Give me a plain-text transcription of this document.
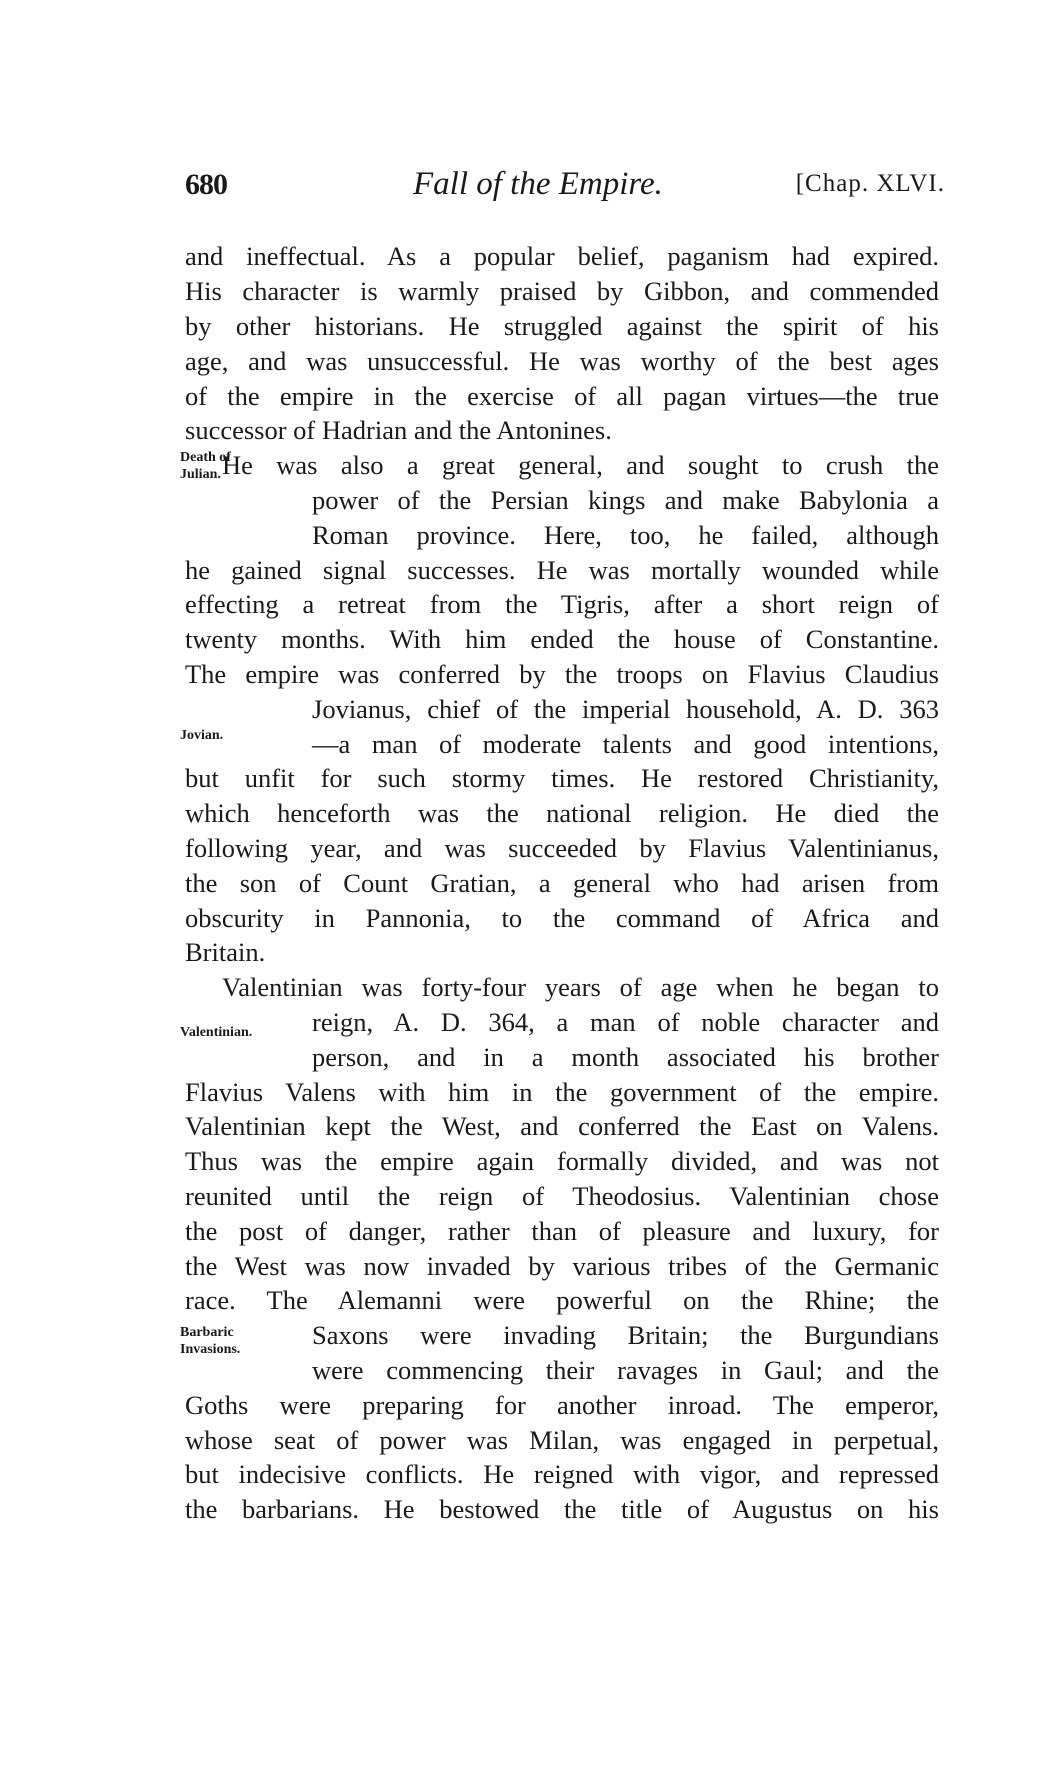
680	Fall of the Empire.	[Chap. XLVI.
Death of
Julian.
Jovian.
Valentinian.
Barbaric
Invasions.
and ineffectual. As a popular belief, paganism had expired.
His character is warmly praised by Gibbon, and commended
by other historians. He struggled against the spirit of his
age, and was unsuccessful. He was worthy of the best ages
of the empire in the exercise of all pagan virtues—the true
successor of Hadrian and the Antonines.
He was also a great general, and sought to crush the
power of the Persian kings and make Babylonia a
Roman province. Here, too, he failed, although
he gained signal successes. He was mortally wounded while
effecting a retreat from the Tigris, after a short reign of
twenty months. With him ended the house of Constantine.
The empire was conferred by the troops on Flavius Claudius
Jovianus, chief of the imperial household, A. D. 363
—a man of moderate talents and good intentions,
but unfit for such stormy times. He restored Christianity,
which henceforth was the national religion. He died the
following year, and was succeeded by Flavius Valentinianus,
the son of Count Gratian, a general who had arisen from
obscurity in Pannonia, to the command of Africa and
Britain.
Valentinian was forty-four years of age when he began to
reign, A. D. 364, a man of noble character and
person, and in a month associated his brother
Flavius Valens with him in the government of the empire.
Valentinian kept the West, and conferred the East on Valens.
Thus was the empire again formally divided, and was not
reunited until the reign of Theodosius. Valentinian chose
the post of danger, rather than of pleasure and luxury, for
the West was now invaded by various tribes of the Germanic
race. The Alemanni were powerful on the Rhine; the
Saxons were invading Britain; the Burgundians
were commencing their ravages in Gaul; and the
Goths were preparing for another inroad. The emperor,
whose seat of power was Milan, was engaged in perpetual,
but indecisive conflicts. He reigned with vigor, and repressed
the barbarians. He bestowed the title of Augustus on his
